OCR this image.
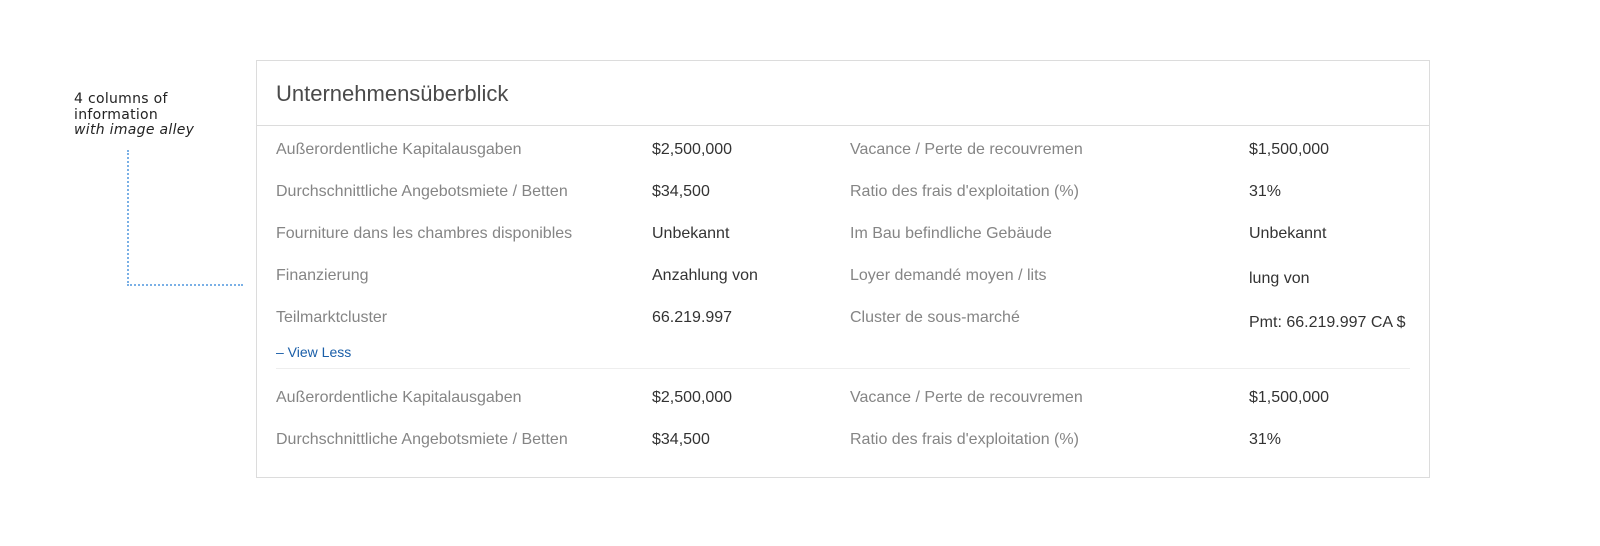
4 columns of
information
with image alley
Unternehmensüberblick
Außerordentliche Kapitalausgaben	$2,500,000	Vacance / Perte de recouvremen	$1,500,000
Durchschnittliche Angebotsmiete / Betten	$34,500	Ratio des frais d'exploitation (%)	31%
Fourniture dans les chambres disponibles	Unbekannt	Im Bau befindliche Gebäude	Unbekannt
Finanzierung	Anzahlung von	Loyer demandé moyen / lits	lung von
Teilmarktcluster	66.219.997	Cluster de sous-marché	Pmt: 66.219.997 CA $
– View Less
Außerordentliche Kapitalausgaben	$2,500,000	Vacance / Perte de recouvremen	$1,500,000
Durchschnittliche Angebotsmiete / Betten	$34,500	Ratio des frais d'exploitation (%)	31%
